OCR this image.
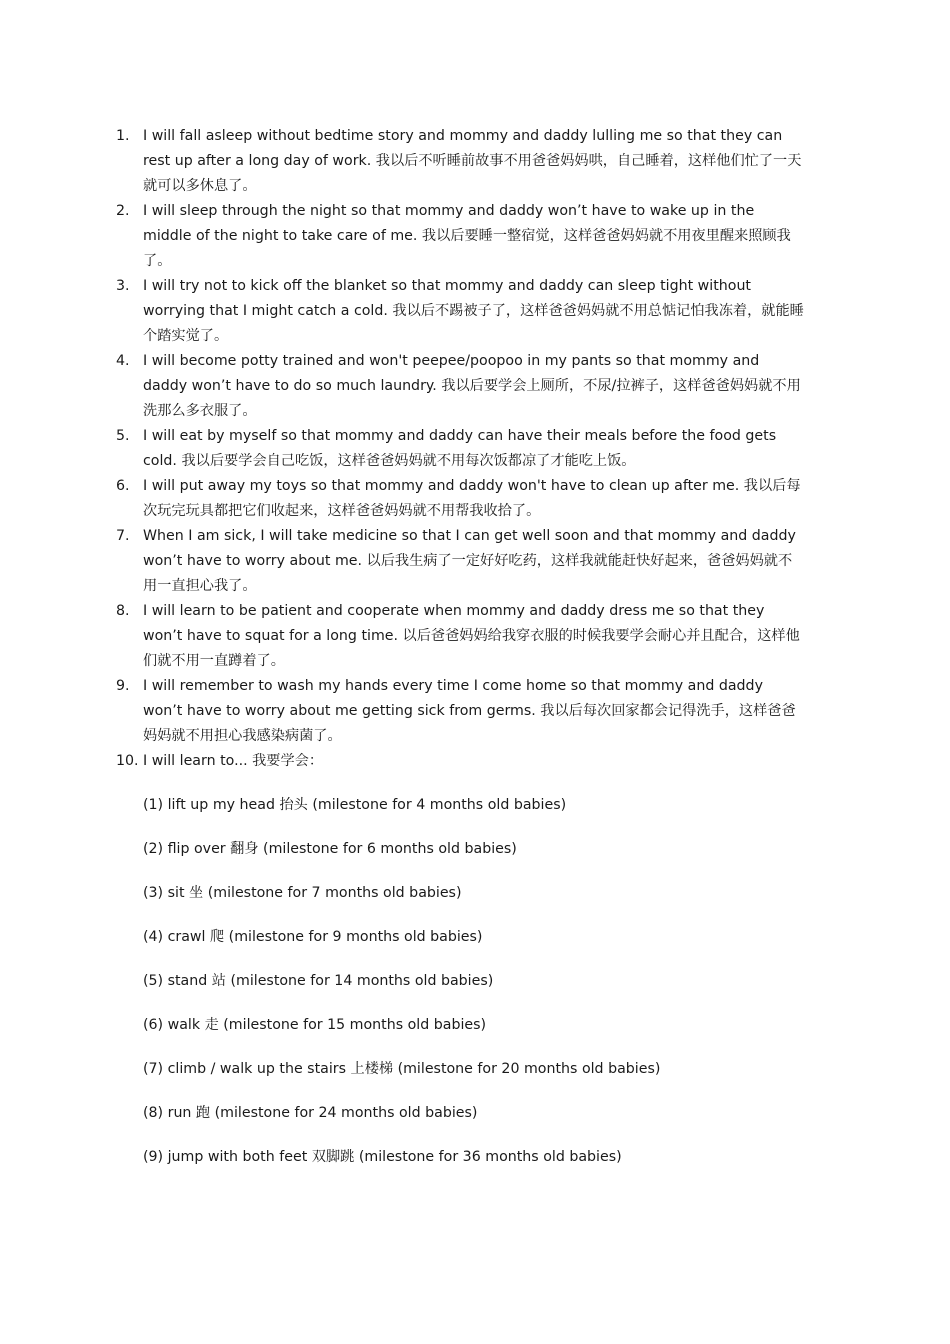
1. I will fall asleep without bedtime story and mommy and daddy lulling me so that they can rest up after a long day of work. 我以后不听睡前故事不用爸爸妈妈哄，自己睡着，这样他们忙了一天就可以多休息了。
2. I will sleep through the night so that mommy and daddy won’t have to wake up in the middle of the night to take care of me. 我以后要睡一整宿觉，这样爸爸妈妈就不用夜里醒来照顾我了。
3. I will try not to kick off the blanket so that mommy and daddy can sleep tight without worrying that I might catch a cold. 我以后不踢被子了，这样爸爸妈妈就不用总惦记怕我冻着，就能睡个踏实觉了。
4. I will become potty trained and won't peepee/poopoo in my pants so that mommy and daddy won’t have to do so much laundry. 我以后要学会上厕所，不尿/拉裤子，这样爸爸妈妈就不用洗那么多衣服了。
5. I will eat by myself so that mommy and daddy can have their meals before the food gets cold. 我以后要学会自己吃饭，这样爸爸妈妈就不用每次饭都凉了才能吃上饭。
6. I will put away my toys so that mommy and daddy won't have to clean up after me. 我以后每次玩完玩具都把它们收起来，这样爸爸妈妈就不用帮我收拾了。
7. When I am sick, I will take medicine so that I can get well soon and that mommy and daddy won’t have to worry about me. 以后我生病了一定好好吃药，这样我就能赶快好起来，爸爸妈妈就不用一直担心我了。
8. I will learn to be patient and cooperate when mommy and daddy dress me so that they won’t have to squat for a long time. 以后爸爸妈妈给我穿衣服的时候我要学会耐心并且配合，这样他们就不用一直蹲着了。
9. I will remember to wash my hands every time I come home so that mommy and daddy won’t have to worry about me getting sick from germs. 我以后每次回家都会记得洗手，这样爸爸妈妈就不用担心我感染病菌了。
10. I will learn to... 我要学会：
(1) lift up my head 抬头 (milestone for 4 months old babies)
(2) flip over 翻身 (milestone for 6 months old babies)
(3) sit 坐 (milestone for 7 months old babies)
(4) crawl 爬 (milestone for 9 months old babies)
(5) stand 站 (milestone for 14 months old babies)
(6) walk 走 (milestone for 15 months old babies)
(7) climb / walk up the stairs 上楼梯 (milestone for 20 months old babies)
(8) run 跑 (milestone for 24 months old babies)
(9) jump with both feet 双脚跳 (milestone for 36 months old babies)
